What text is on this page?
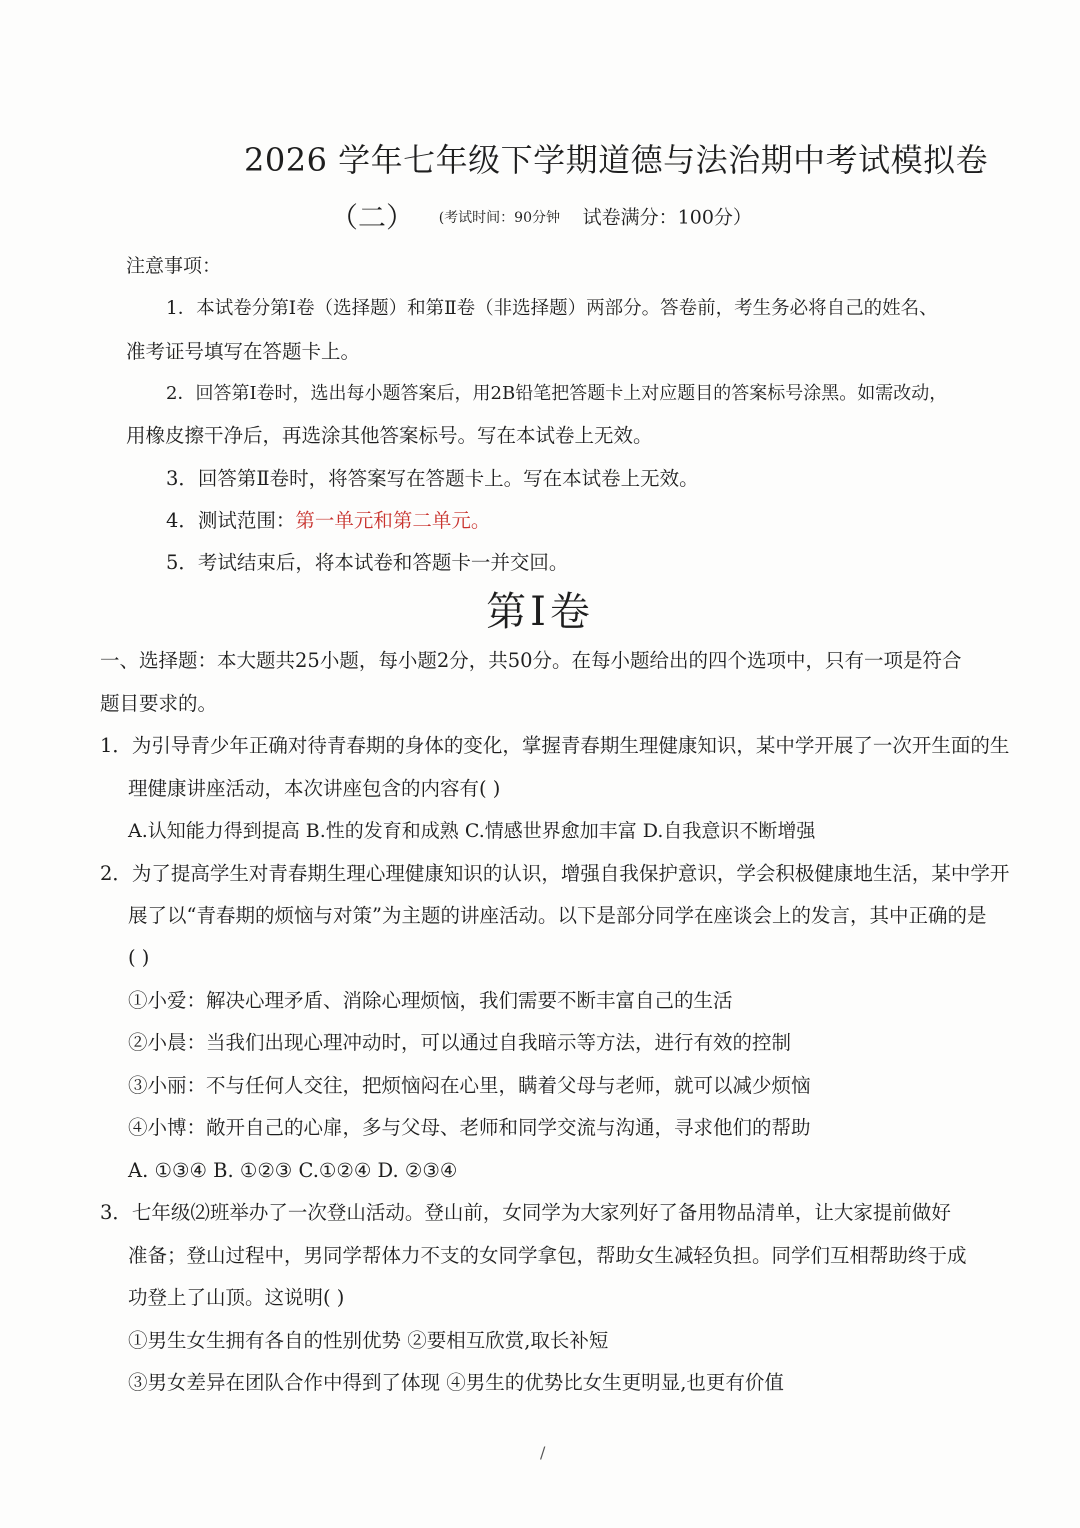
2026 学年七年级下学期道德与法治期中考试模拟卷
（二） (考试时间：90分钟 试卷满分：100分）
注意事项：
1．本试卷分第Ⅰ卷（选择题）和第Ⅱ卷（非选择题）两部分。答卷前，考生务必将自己的姓名、
准考证号填写在答题卡上。
2．回答第Ⅰ卷时，选出每小题答案后，用2B铅笔把答题卡上对应题目的答案标号涂黑。如需改动，
用橡皮擦干净后，再选涂其他答案标号。写在本试卷上无效。
3．回答第Ⅱ卷时，将答案写在答题卡上。写在本试卷上无效。
4．测试范围：第一单元和第二单元。
5．考试结束后，将本试卷和答题卡一并交回。
第Ⅰ卷
一、选择题：本大题共25小题，每小题2分，共50分。在每小题给出的四个选项中，只有一项是符合
题目要求的。
1．为引导青少年正确对待青春期的身体的变化，掌握青春期生理健康知识，某中学开展了一次开生面的生
理健康讲座活动，本次讲座包含的内容有( )
A.认知能力得到提高 B.性的发育和成熟 C.情感世界愈加丰富 D.自我意识不断增强
2．为了提高学生对青春期生理心理健康知识的认识，增强自我保护意识，学会积极健康地生活，某中学开
展了以“青春期的烦恼与对策”为主题的讲座活动。以下是部分同学在座谈会上的发言，其中正确的是
( )
①小爱：解决心理矛盾、消除心理烦恼，我们需要不断丰富自己的生活
②小晨：当我们出现心理冲动时，可以通过自我暗示等方法，进行有效的控制
③小丽：不与任何人交往，把烦恼闷在心里，瞒着父母与老师，就可以减少烦恼
④小博：敞开自己的心扉，多与父母、老师和同学交流与沟通，寻求他们的帮助
A. ①③④ B. ①②③ C.①②④ D. ②③④
3．七年级⑵班举办了一次登山活动。登山前，女同学为大家列好了备用物品清单，让大家提前做好
准备；登山过程中，男同学帮体力不支的女同学拿包，帮助女生减轻负担。同学们互相帮助终于成
功登上了山顶。这说明( )
①男生女生拥有各自的性别优势 ②要相互欣赏,取长补短
③男女差异在团队合作中得到了体现 ④男生的优势比女生更明显,也更有价值
/
